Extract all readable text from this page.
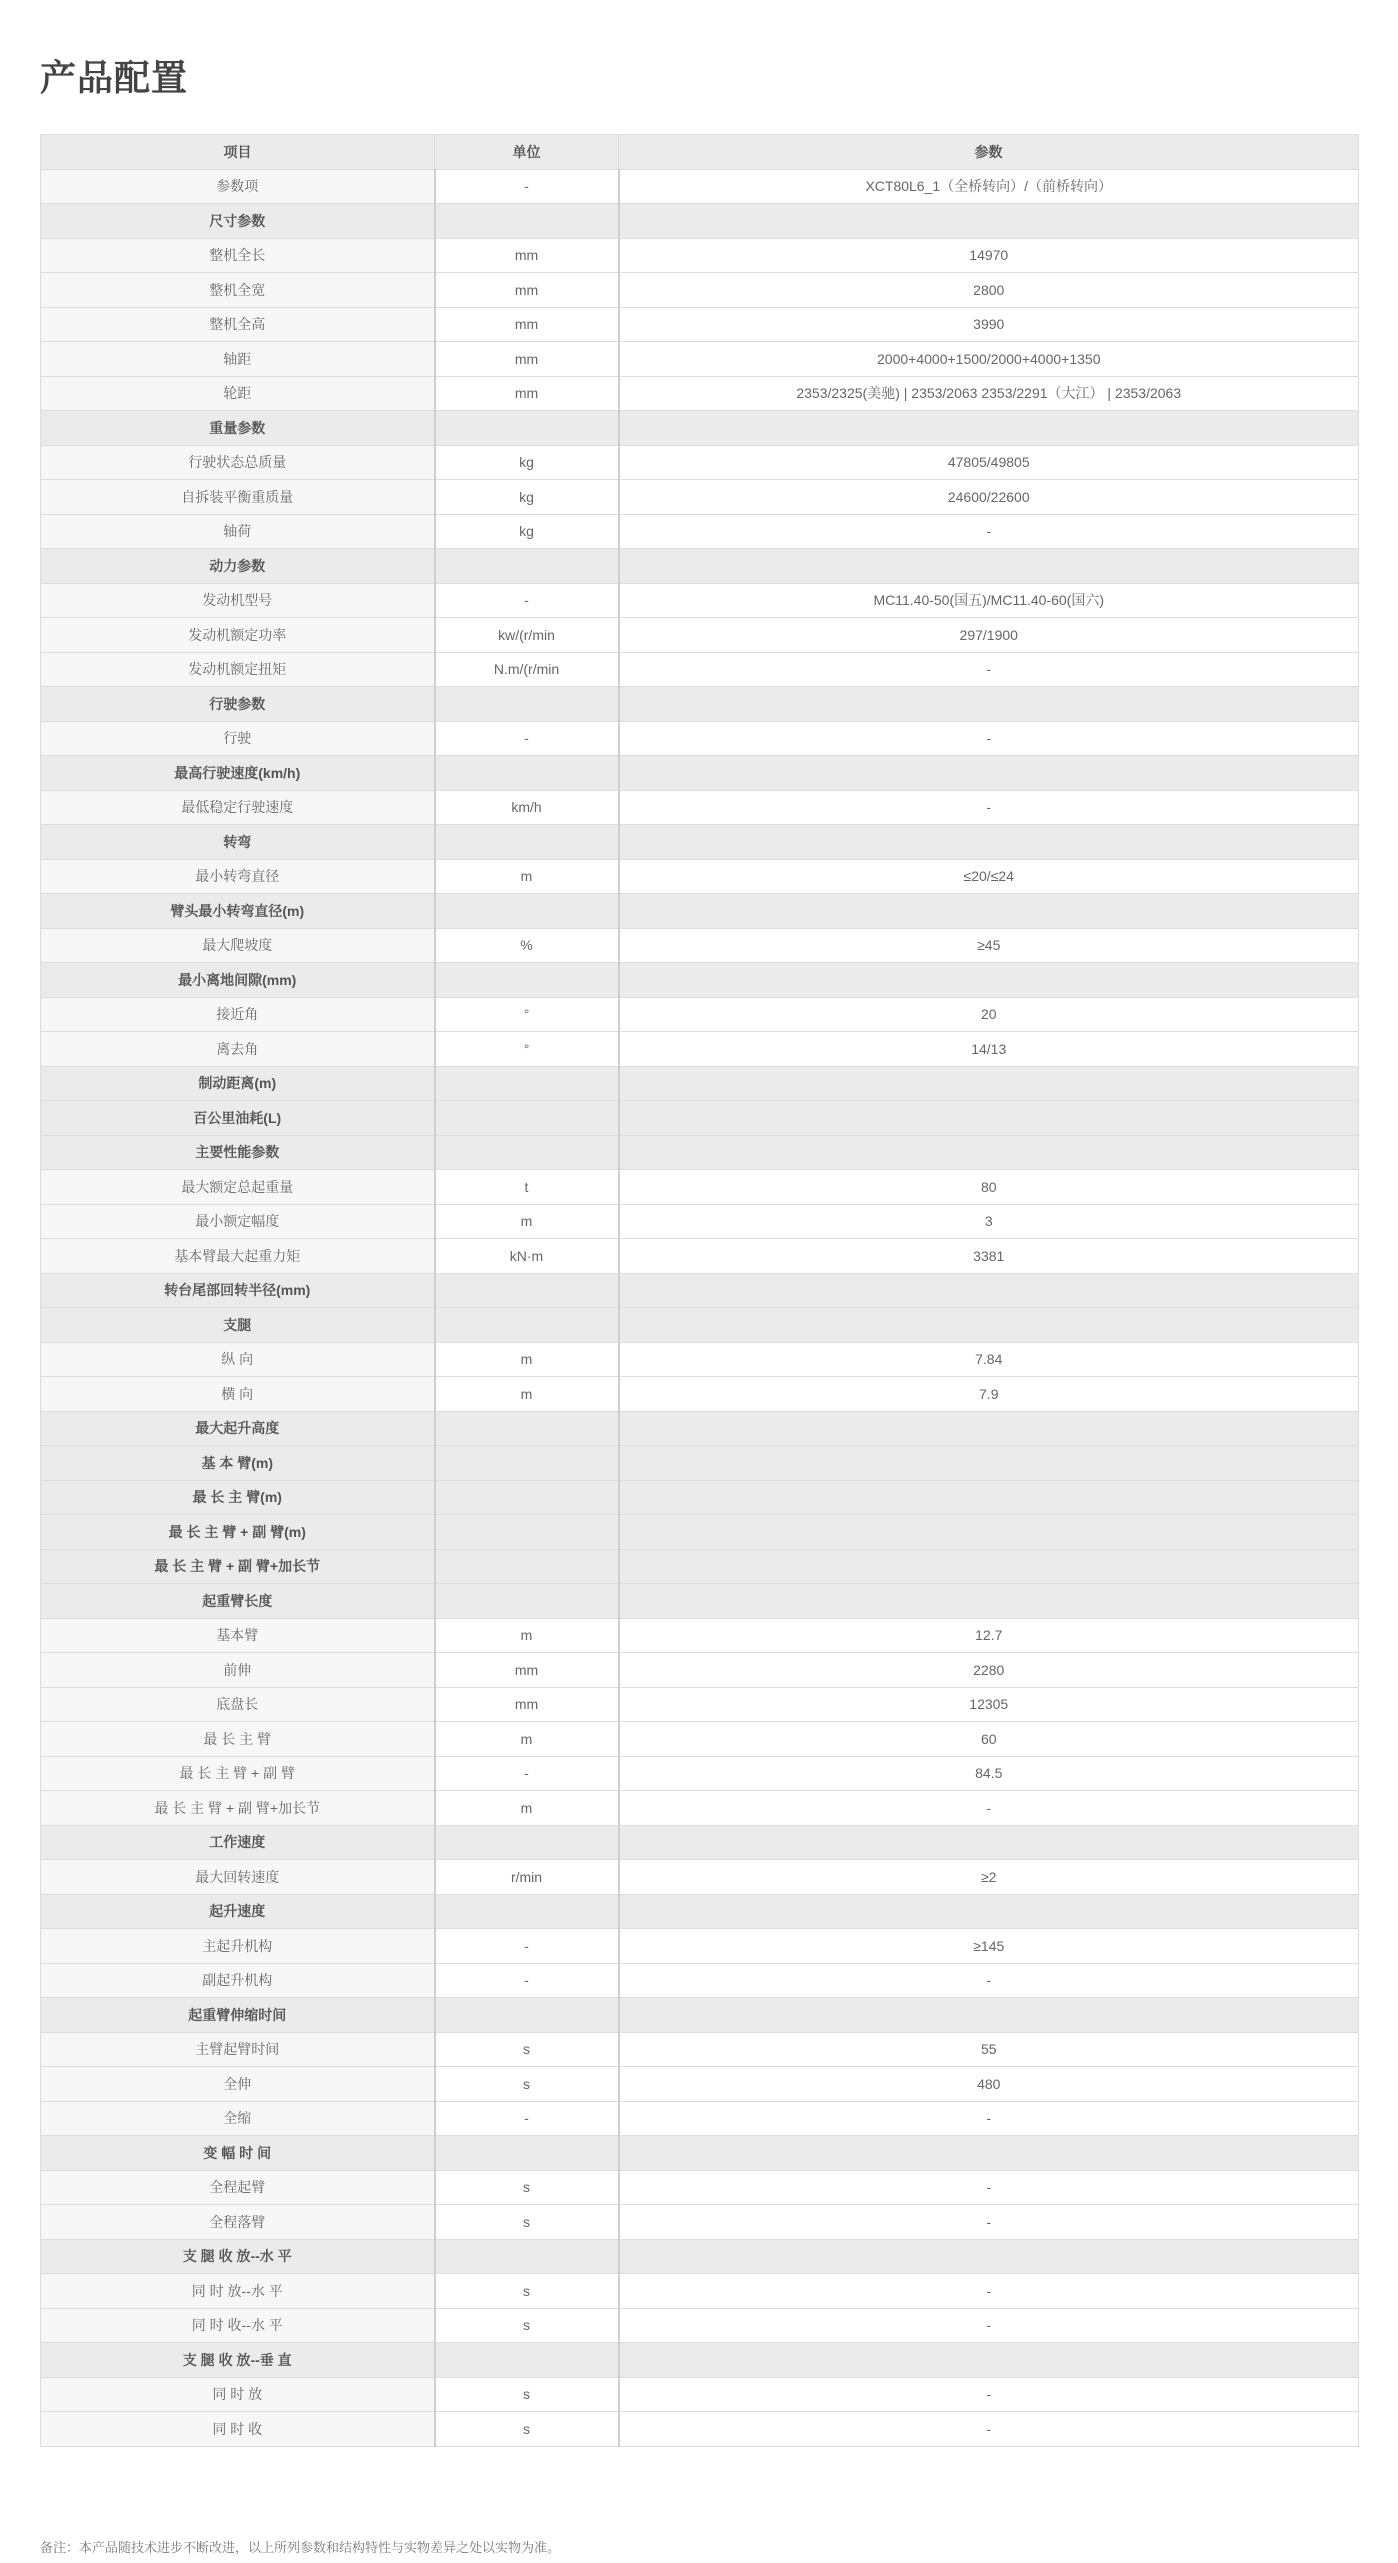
产品配置
项目	单位	参数
参数项	-	XCT80L6_1（全桥转向）/（前桥转向）
尺寸参数		
整机全长	mm	14970
整机全宽	mm	2800
整机全高	mm	3990
轴距	mm	2000+4000+1500/2000+4000+1350
轮距	mm	2353/2325(美驰) | 2353/2063 2353/2291（大江） | 2353/2063
重量参数		
行驶状态总质量	kg	47805/49805
自拆装平衡重质量	kg	24600/22600
轴荷	kg	-
动力参数		
发动机型号	-	MC11.40-50(国五)/MC11.40-60(国六)
发动机额定功率	kw/(r/min	297/1900
发动机额定扭矩	N.m/(r/min	-
行驶参数		
行驶	-	-
最高行驶速度(km/h)		
最低稳定行驶速度	km/h	-
转弯		
最小转弯直径	m	≤20/≤24
臂头最小转弯直径(m)		
最大爬坡度	%	≥45
最小离地间隙(mm)		
接近角	°	20
离去角	°	14/13
制动距离(m)		
百公里油耗(L)		
主要性能参数		
最大额定总起重量	t	80
最小额定幅度	m	3
基本臂最大起重力矩	kN·m	3381
转台尾部回转半径(mm)		
支腿		
纵 向	m	7.84
横 向	m	7.9
最大起升高度		
基 本 臂(m)		
最 长 主 臂(m)		
最 长 主 臂 + 副 臂(m)		
最 长 主 臂 + 副 臂+加长节		
起重臂长度		
基本臂	m	12.7
前伸	mm	2280
底盘长	mm	12305
最 长 主 臂	m	60
最 长 主 臂 + 副 臂	-	84.5
最 长 主 臂 + 副 臂+加长节	m	-
工作速度		
最大回转速度	r/min	≥2
起升速度		
主起升机构	-	≥145
副起升机构	-	-
起重臂伸缩时间		
主臂起臂时间	s	55
全伸	s	480
全缩	-	-
变 幅 时 间		
全程起臂	s	-
全程落臂	s	-
支 腿 收 放--水 平		
同 时 放--水 平	s	-
同 时 收--水 平	s	-
支 腿 收 放--垂 直		
同 时 放	s	-
同 时 收	s	-
备注：本产品随技术进步不断改进，以上所列参数和结构特性与实物差异之处以实物为准。
